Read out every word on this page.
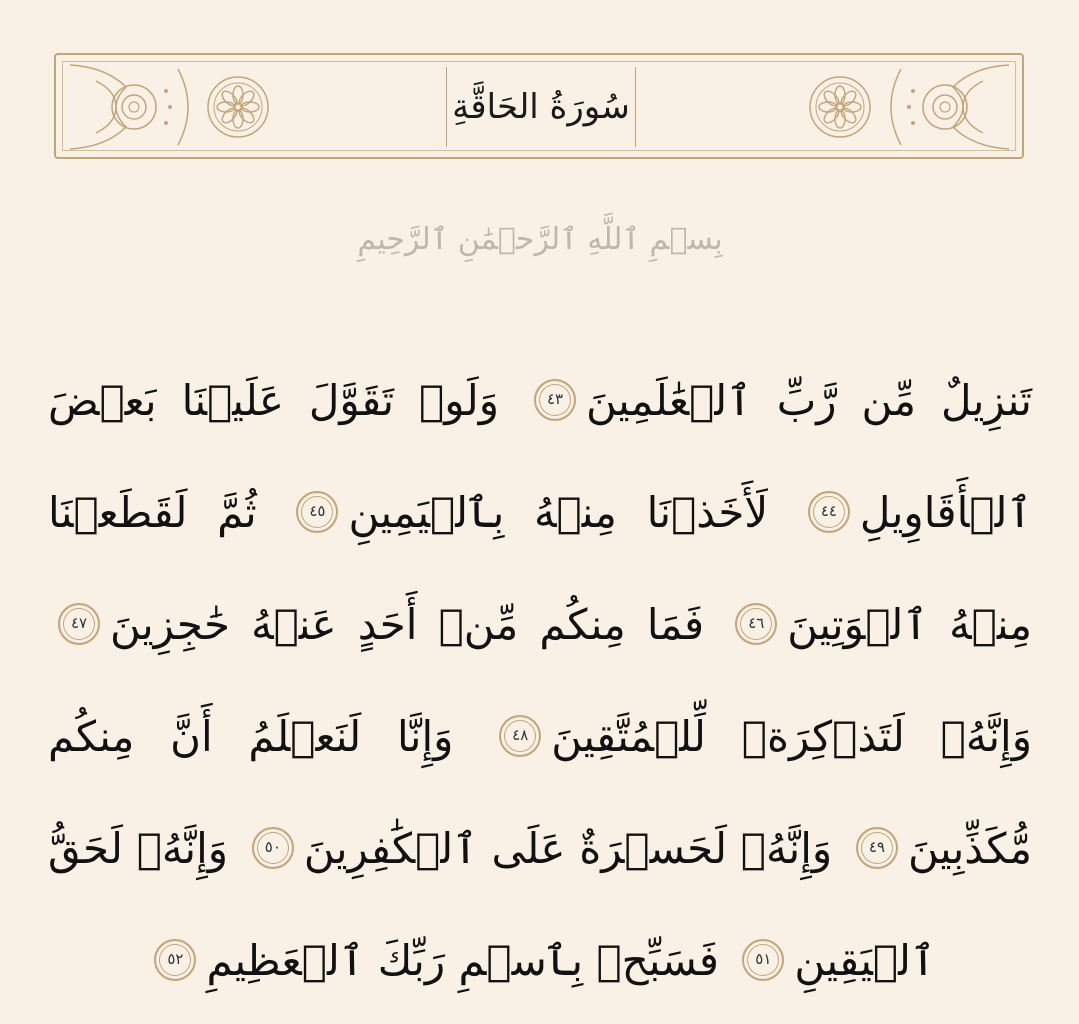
سُورَةُ الحَاقَّةِ
بِسۡمِ ٱللَّهِ ٱلرَّحۡمَٰنِ ٱلرَّحِيمِ
تَنزِيلٌ مِّن رَّبِّ ٱلۡعَٰلَمِينَ٤٣ وَلَوۡ تَقَوَّلَ عَلَيۡنَا بَعۡضَ ٱلۡأَقَاوِيلِ٤٤ لَأَخَذۡنَا مِنۡهُ بِٱلۡيَمِينِ٤٥ ثُمَّ لَقَطَعۡنَا مِنۡهُ ٱلۡوَتِينَ٤٦ فَمَا مِنكُم مِّنۡ أَحَدٍ عَنۡهُ حَٰجِزِينَ٤٧ وَإِنَّهُۥ لَتَذۡكِرَةٞ لِّلۡمُتَّقِينَ٤٨ وَإِنَّا لَنَعۡلَمُ أَنَّ مِنكُم مُّكَذِّبِينَ٤٩ وَإِنَّهُۥ لَحَسۡرَةٌ عَلَى ٱلۡكَٰفِرِينَ٥٠ وَإِنَّهُۥ لَحَقُّ ٱلۡيَقِينِ٥١ فَسَبِّحۡ بِٱسۡمِ رَبِّكَ ٱلۡعَظِيمِ٥٢
